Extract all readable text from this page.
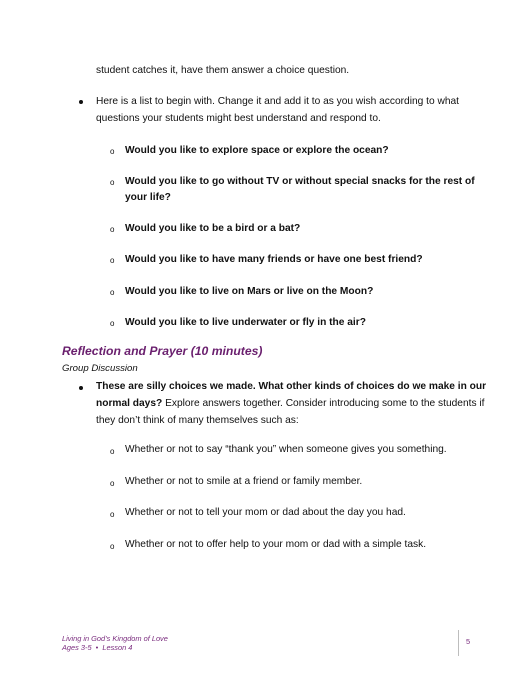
student catches it, have them answer a choice question.
Here is a list to begin with. Change it and add it to as you wish according to what
questions your students might best understand and respond to.
o Would you like to explore space or explore the ocean?
o Would you like to go without TV or without special snacks for the rest of
your life?
o Would you like to be a bird or a bat?
o Would you like to have many friends or have one best friend?
o Would you like to live on Mars or live on the Moon?
o Would you like to live underwater or fly in the air?
Reflection and Prayer (10 minutes)
Group Discussion
These are silly choices we made. What other kinds of choices do we make in our
normal days? Explore answers together. Consider introducing some to the students if
they don’t think of many themselves such as:
o Whether or not to say “thank you” when someone gives you something.
o Whether or not to smile at a friend or family member.
o Whether or not to tell your mom or dad about the day you had.
o Whether or not to offer help to your mom or dad with a simple task.
Living in God’s Kingdom of Love
Ages 3-5  •  Lesson 4
5
